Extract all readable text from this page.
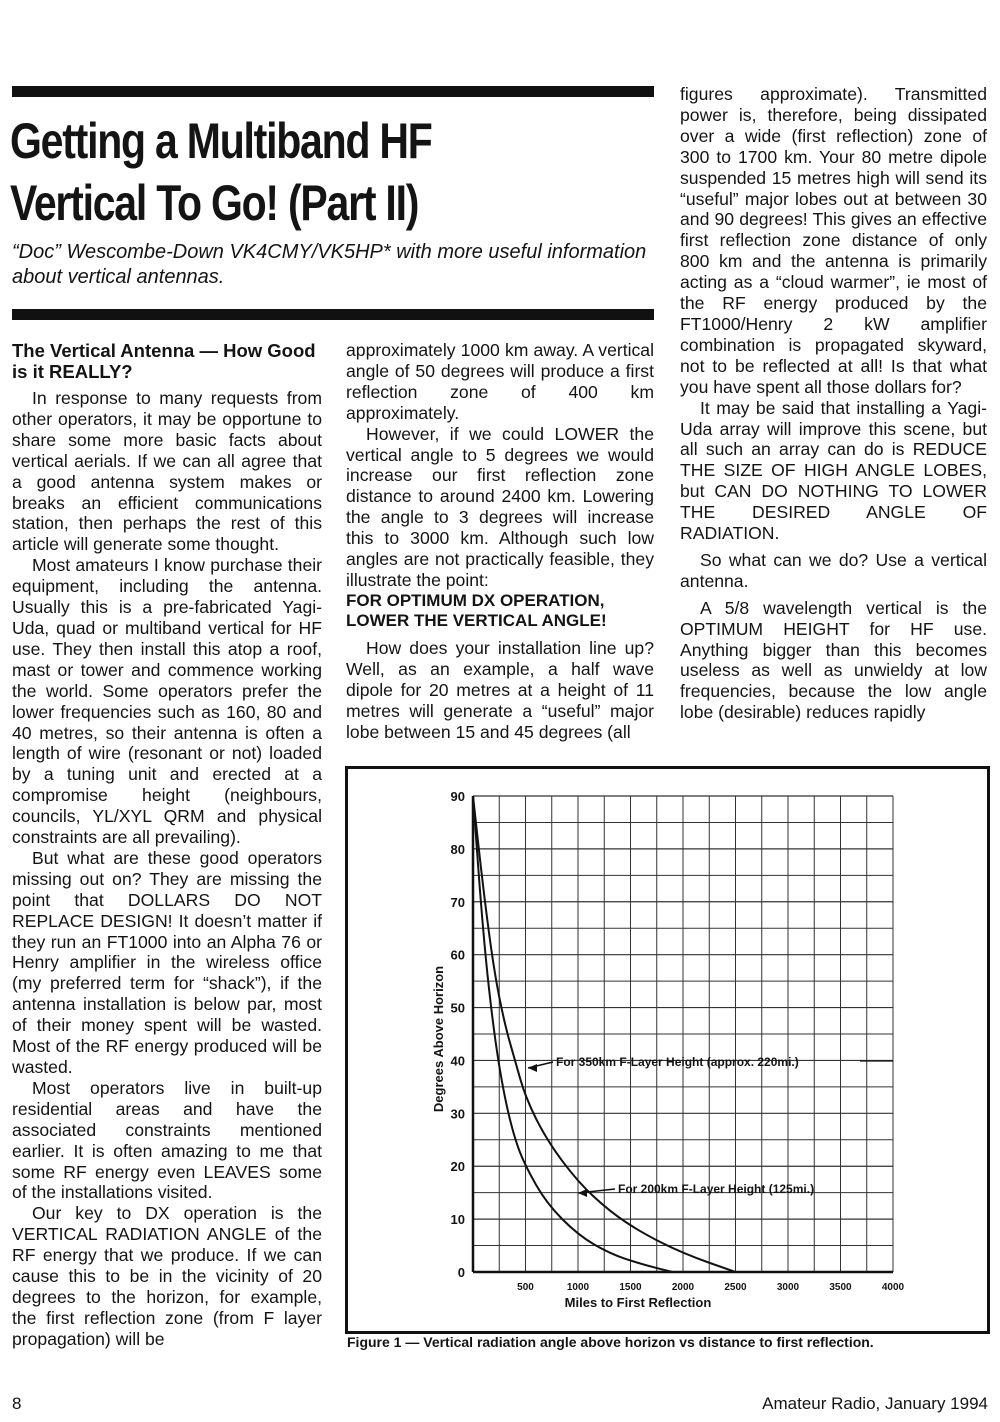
Getting a Multiband HF Vertical To Go! (Part II)

“Doc” Wescombe-Down VK4CMY/VK5HP* with more useful information about vertical antennas.

The Vertical Antenna — How Good is it REALLY?

In response to many requests from other operators, it may be opportune to share some more basic facts about vertical aerials. If we can all agree that a good antenna system makes or breaks an efficient communications station, then perhaps the rest of this article will generate some thought.

Most amateurs I know purchase their equipment, including the antenna. Usually this is a pre-fabricated Yagi-Uda, quad or multiband vertical for HF use. They then install this atop a roof, mast or tower and commence working the world. Some operators prefer the lower frequencies such as 160, 80 and 40 metres, so their antenna is often a length of wire (resonant or not) loaded by a tuning unit and erected at a compromise height (neighbours, councils, YL/XYL QRM and physical constraints are all prevailing).

But what are these good operators missing out on? They are missing the point that DOLLARS DO NOT REPLACE DESIGN! It doesn’t matter if they run an FT1000 into an Alpha 76 or Henry amplifier in the wireless office (my preferred term for “shack”), if the antenna installation is below par, most of their money spent will be wasted. Most of the RF energy produced will be wasted.

Most operators live in built-up residential areas and have the associated constraints mentioned earlier. It is often amazing to me that some RF energy even LEAVES some of the installations visited.

Our key to DX operation is the VERTICAL RADIATION ANGLE of the RF energy that we produce. If we can cause this to be in the vicinity of 20 degrees to the horizon, for example, the first reflection zone (from F layer propagation) will be

approximately 1000 km away. A vertical angle of 50 degrees will produce a first reflection zone of 400 km approximately.

However, if we could LOWER the vertical angle to 5 degrees we would increase our first reflection zone distance to around 2400 km. Lowering the angle to 3 degrees will increase this to 3000 km. Although such low angles are not practically feasible, they illustrate the point:

FOR OPTIMUM DX OPERATION, LOWER THE VERTICAL ANGLE!

How does your installation line up? Well, as an example, a half wave dipole for 20 metres at a height of 11 metres will generate a “useful” major lobe between 15 and 45 degrees (all

figures approximate). Transmitted power is, therefore, being dissipated over a wide (first reflection) zone of 300 to 1700 km. Your 80 metre dipole suspended 15 metres high will send its “useful” major lobes out at between 30 and 90 degrees! This gives an effective first reflection zone distance of only 800 km and the antenna is primarily acting as a “cloud warmer”, ie most of the RF energy produced by the FT1000/Henry 2 kW amplifier combination is propagated skyward, not to be reflected at all! Is that what you have spent all those dollars for?

It may be said that installing a Yagi-Uda array will improve this scene, but all such an array can do is REDUCE THE SIZE OF HIGH ANGLE LOBES, but CAN DO NOTHING TO LOWER THE DESIRED ANGLE OF RADIATION.

So what can we do? Use a vertical antenna.

A 5/8 wavelength vertical is the OPTIMUM HEIGHT for HF use. Anything bigger than this becomes useless as well as unwieldy at low frequencies, because the low angle lobe (desirable) reduces rapidly

0
10
20
30
40
50
60
70
80
90
500	1000	1500	2000	2500	3000	3500	4000
For 350km F-Layer Height (approx. 220mi.)
For 200km F-Layer Height (125mi.)
Miles to First Reflection
Degrees Above Horizon
Figure 1 — Vertical radiation angle above horizon vs distance to first reflection.
8	Amateur Radio, January 1994
